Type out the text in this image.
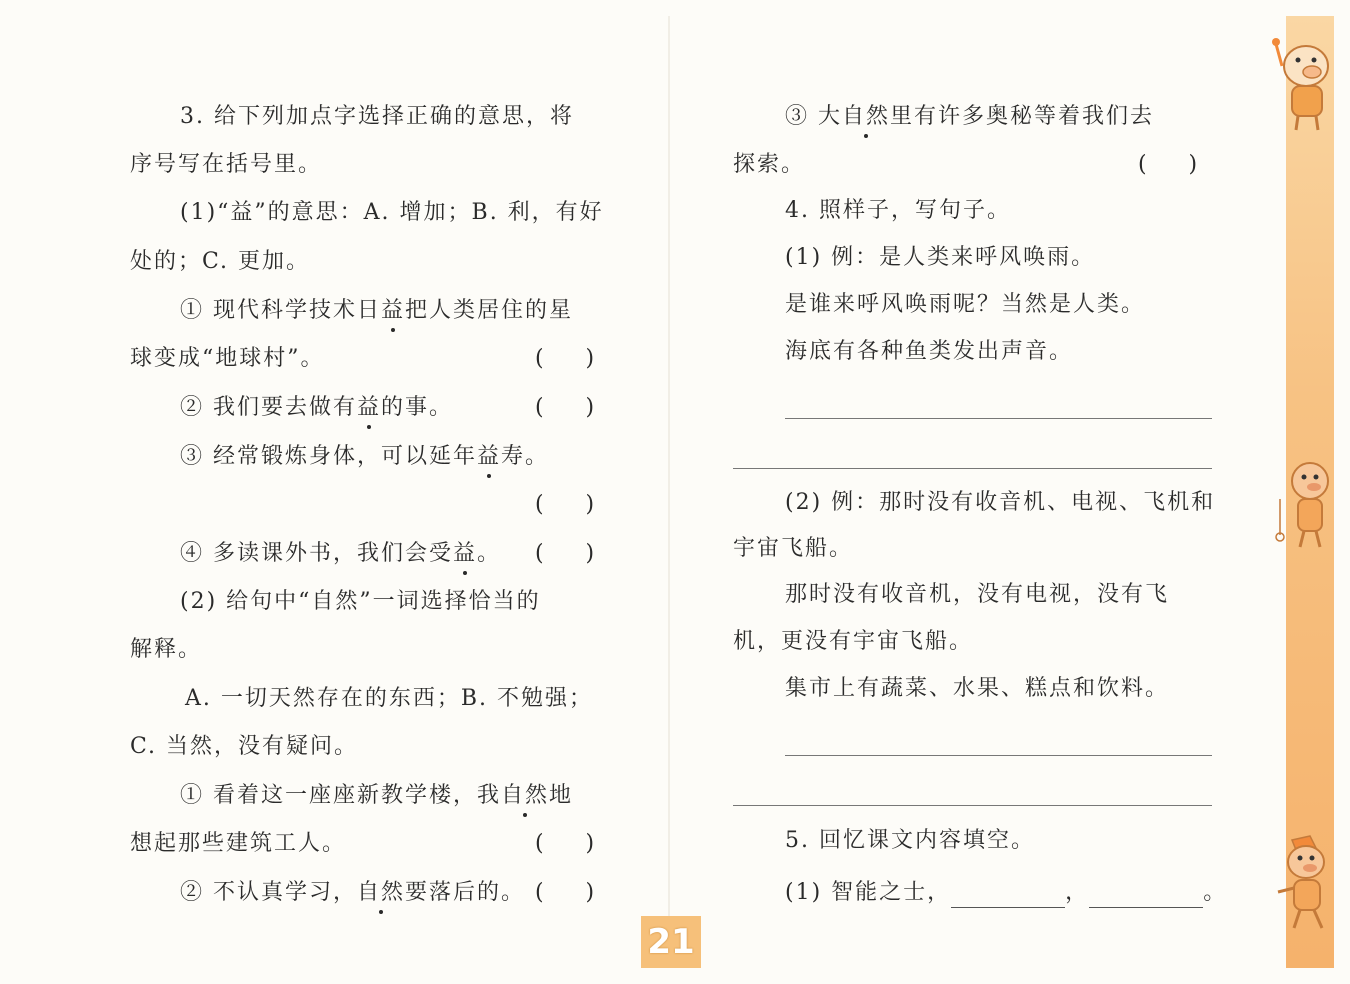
3. 给下列加点字选择正确的意思，将
序号写在括号里。
(1)“益”的意思：A. 增加；B. 利，有好
处的；C. 更加。
① 现代科学技术日益把人类居住的星
球变成“地球村”。	(      )
② 我们要去做有益的事。	(      )
③ 经常锻炼身体，可以延年益寿。
(      )
④ 多读课外书，我们会受益。 (      )
(2) 给句中“自然”一词选择恰当的
解释。
A. 一切天然存在的东西；B. 不勉强；
C. 当然，没有疑问。
① 看着这一座座新教学楼，我自然地
想起那些建筑工人。	(      )
② 不认真学习，自然要落后的。 (      )
③ 大自然里有许多奥秘等着我们去
探索。	(      )
4. 照样子，写句子。
(1) 例：是人类来呼风唤雨。
是谁来呼风唤雨呢？当然是人类。
海底有各种鱼类发出声音。
(2) 例：那时没有收音机、电视、飞机和
宇宙飞船。
那时没有收音机，没有电视，没有飞
机，更没有宇宙飞船。
集市上有蔬菜、水果、糕点和饮料。
5. 回忆课文内容填空。
(1) 智能之士，	，	。
21
